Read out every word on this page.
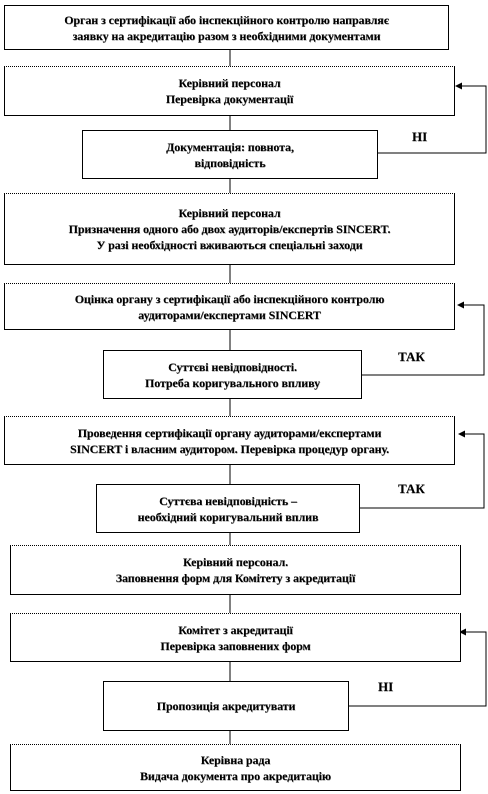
Орган з сертифікації або інспекційного контролю направляє
заявку на акредитацію разом з необхідними документами
Керівний персонал
Перевірка документації
Документація: повнота,
відповідність
Керівний персонал
Призначення одного або двох аудиторів/експертів SINCERT.
У разі необхідності вживаються спеціальні заходи
Оцінка органу з сертифікації або інспекційного контролю
аудиторами/експертами SINCERT
Суттєві невідповідності.
Потреба коригувального впливу
Проведення сертифікації органу аудиторами/експертами
SINCERT і власним аудитором. Перевірка процедур органу.
Суттєва невідповідність –
необхідний коригувальний вплив
Керівний персонал.
Заповнення форм для Комітету з акредитації
Комітет з акредитації
Перевірка заповнених форм
Пропозиція акредитувати
Керівна рада
Видача документа про акредитацію
НІ
ТАК
ТАК
НІ
